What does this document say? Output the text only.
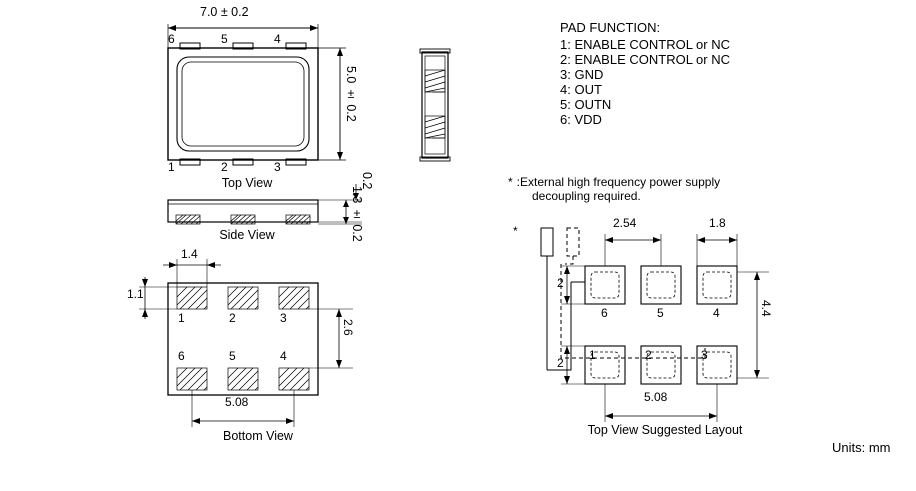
7.0 ± 0.2
5.0 ± 0.2
6	5	4
1	2	3
Top View	0.2
1.3 ± 0.2
Side View
1.4
1.1
2.6
5.08
1	2	3
6	5	4
Bottom View
PAD FUNCTION:
1: ENABLE CONTROL or NC
2: ENABLE CONTROL or NC
3: GND
4: OUT
5: OUTN
6: VDD
* :External high frequency power supply
decoupling required.
*
2.54	1.8
2
2
4.4
5.08
6	5	4
1	2	3
Top View Suggested Layout
Units: mm
